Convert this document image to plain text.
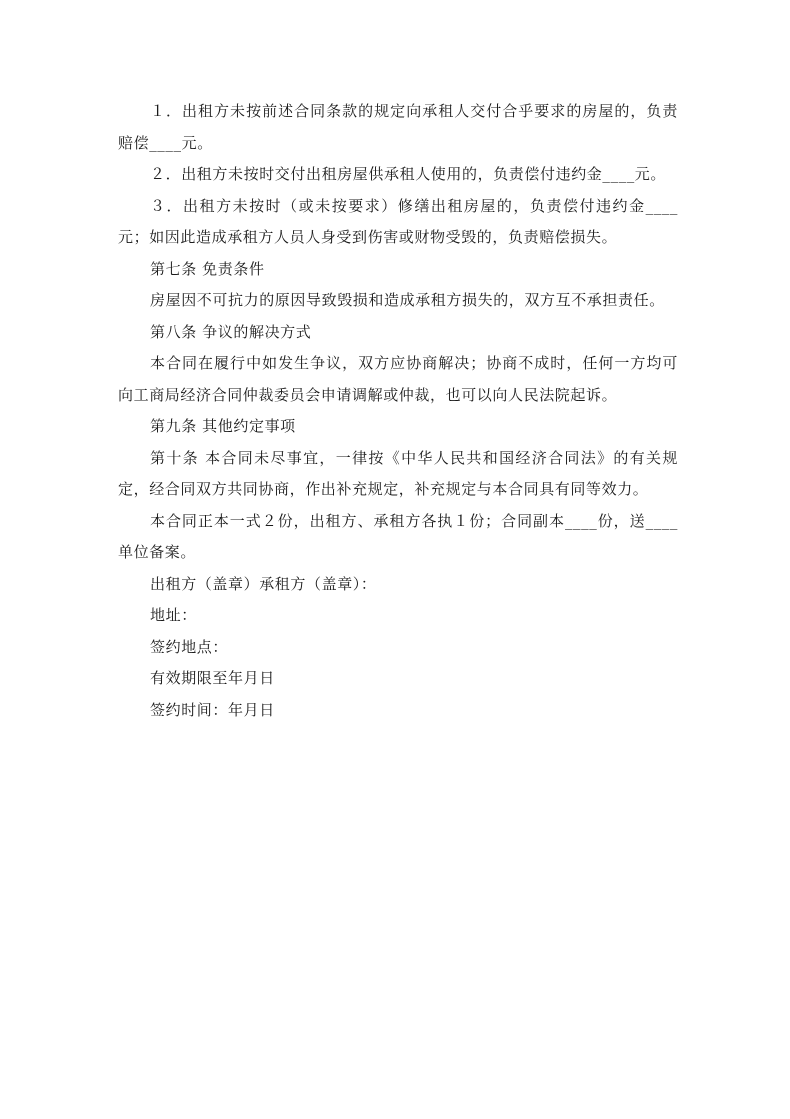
１．出租方未按前述合同条款的规定向承租人交付合乎要求的房屋的，负责赔偿____元。

２．出租方未按时交付出租房屋供承租人使用的，负责偿付违约金____元。

３．出租方未按时（或未按要求）修缮出租房屋的，负责偿付违约金____元；如因此造成承租方人员人身受到伤害或财物受毁的，负责赔偿损失。

第七条 免责条件

房屋因不可抗力的原因导致毁损和造成承租方损失的，双方互不承担责任。

第八条 争议的解决方式

本合同在履行中如发生争议，双方应协商解决；协商不成时，任何一方均可向工商局经济合同仲裁委员会申请调解或仲裁，也可以向人民法院起诉。

第九条 其他约定事项

第十条 本合同未尽事宜，一律按《中华人民共和国经济合同法》的有关规定，经合同双方共同协商，作出补充规定，补充规定与本合同具有同等效力。

本合同正本一式２份，出租方、承租方各执１份；合同副本____份，送____单位备案。

出租方（盖章）承租方（盖章）：

地址：

签约地点：

有效期限至年月日

签约时间：年月日
